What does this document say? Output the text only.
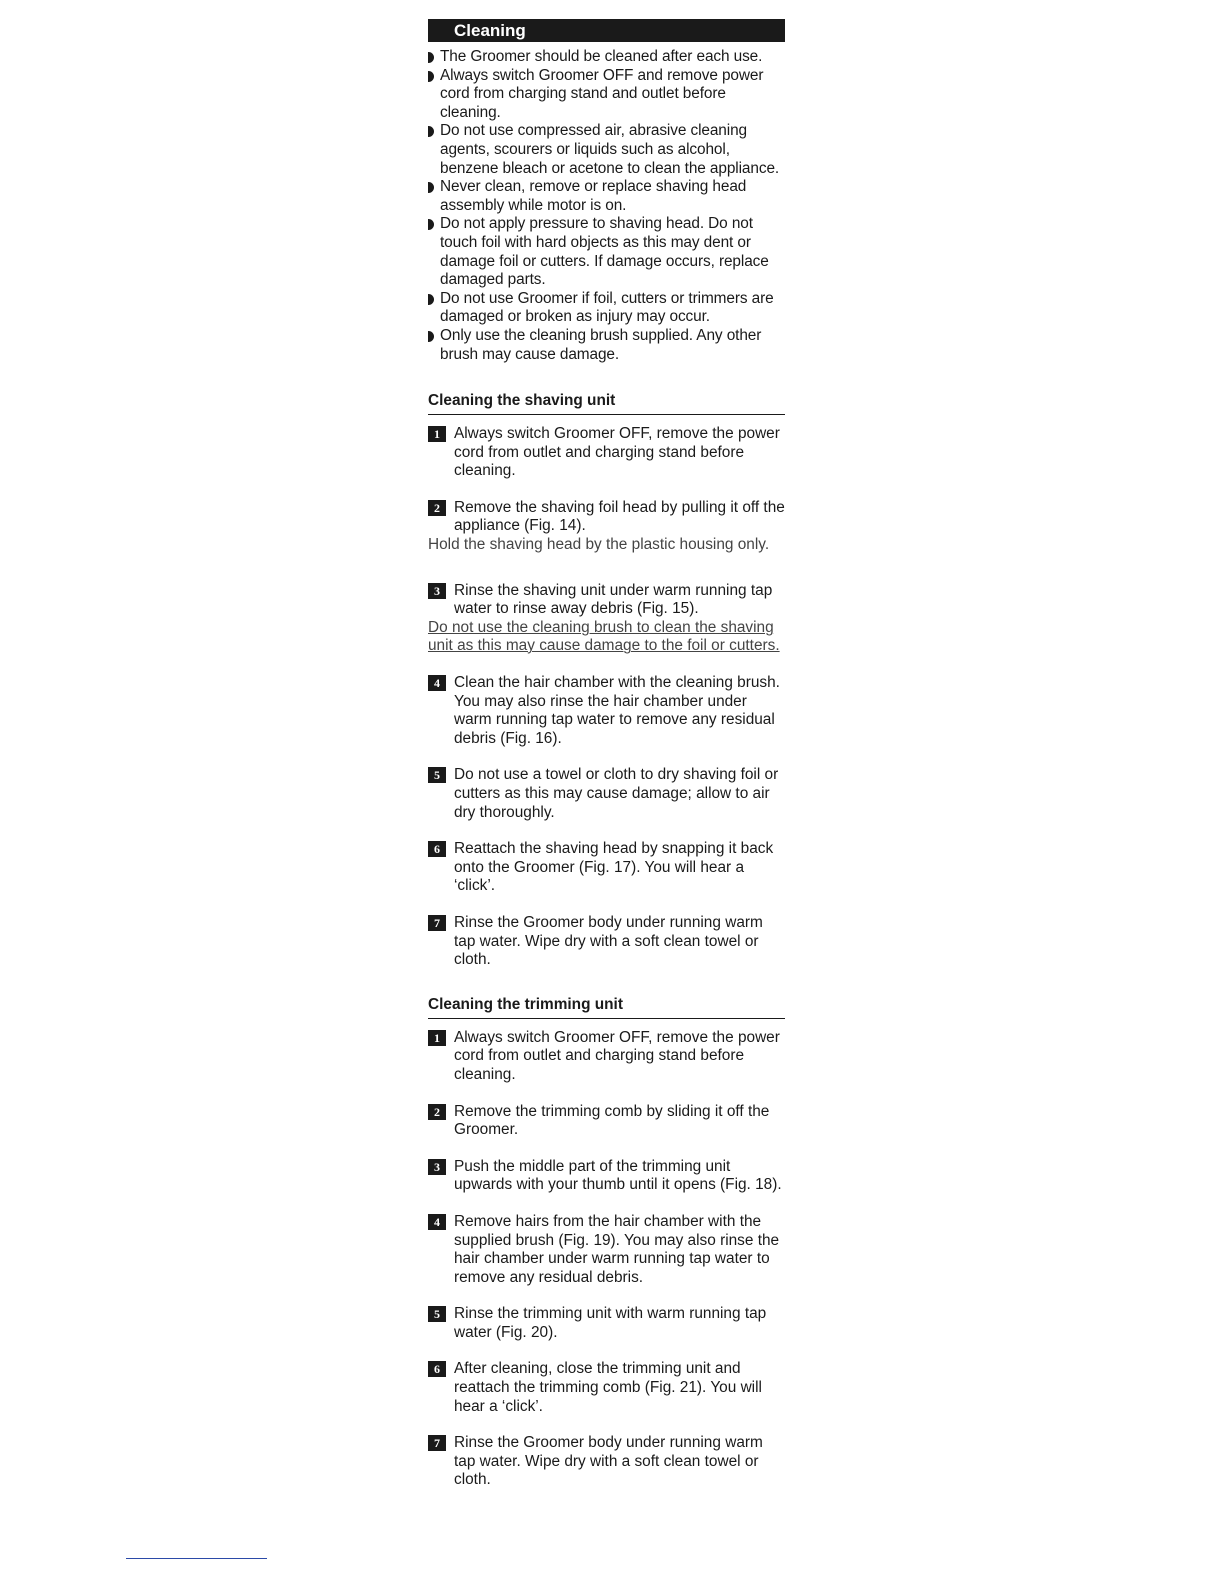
Cleaning
The Groomer should be cleaned after each use.
Always switch Groomer OFF and remove power cord from charging stand and outlet before cleaning.
Do not use compressed air, abrasive cleaning agents, scourers or liquids such as alcohol, benzene bleach or acetone to clean the appliance.
Never clean, remove or replace shaving head assembly while motor is on.
Do not apply pressure to shaving head. Do not touch foil with hard objects as this may dent or damage foil or cutters. If damage occurs, replace damaged parts.
Do not use Groomer if foil, cutters or trimmers are damaged or broken as injury may occur.
Only use the cleaning brush supplied. Any other brush may cause damage.
Cleaning the shaving unit
1 Always switch Groomer OFF, remove the power cord from outlet and charging stand before cleaning.
2 Remove the shaving foil head by pulling it off the appliance (Fig. 14).
Hold the shaving head by the plastic housing only.
3 Rinse the shaving unit under warm running tap water to rinse away debris (Fig. 15).
Do not use the cleaning brush to clean the shaving unit as this may cause damage to the foil or cutters.
4 Clean the hair chamber with the cleaning brush. You may also rinse the hair chamber under warm running tap water to remove any residual debris (Fig. 16).
5 Do not use a towel or cloth to dry shaving foil or cutters as this may cause damage; allow to air dry thoroughly.
6 Reattach the shaving head by snapping it back onto the Groomer (Fig. 17). You will hear a ‘click’.
7 Rinse the Groomer body under running warm tap water. Wipe dry with a soft clean towel or cloth.
Cleaning the trimming unit
1 Always switch Groomer OFF, remove the power cord from outlet and charging stand before cleaning.
2 Remove the trimming comb by sliding it off the Groomer.
3 Push the middle part of the trimming unit upwards with your thumb until it opens (Fig. 18).
4 Remove hairs from the hair chamber with the supplied brush (Fig. 19). You may also rinse the hair chamber under warm running tap water to remove any residual debris.
5 Rinse the trimming unit with warm running tap water (Fig. 20).
6 After cleaning, close the trimming unit and reattach the trimming comb (Fig. 21). You will hear a ‘click’.
7 Rinse the Groomer body under running warm tap water. Wipe dry with a soft clean towel or cloth.
